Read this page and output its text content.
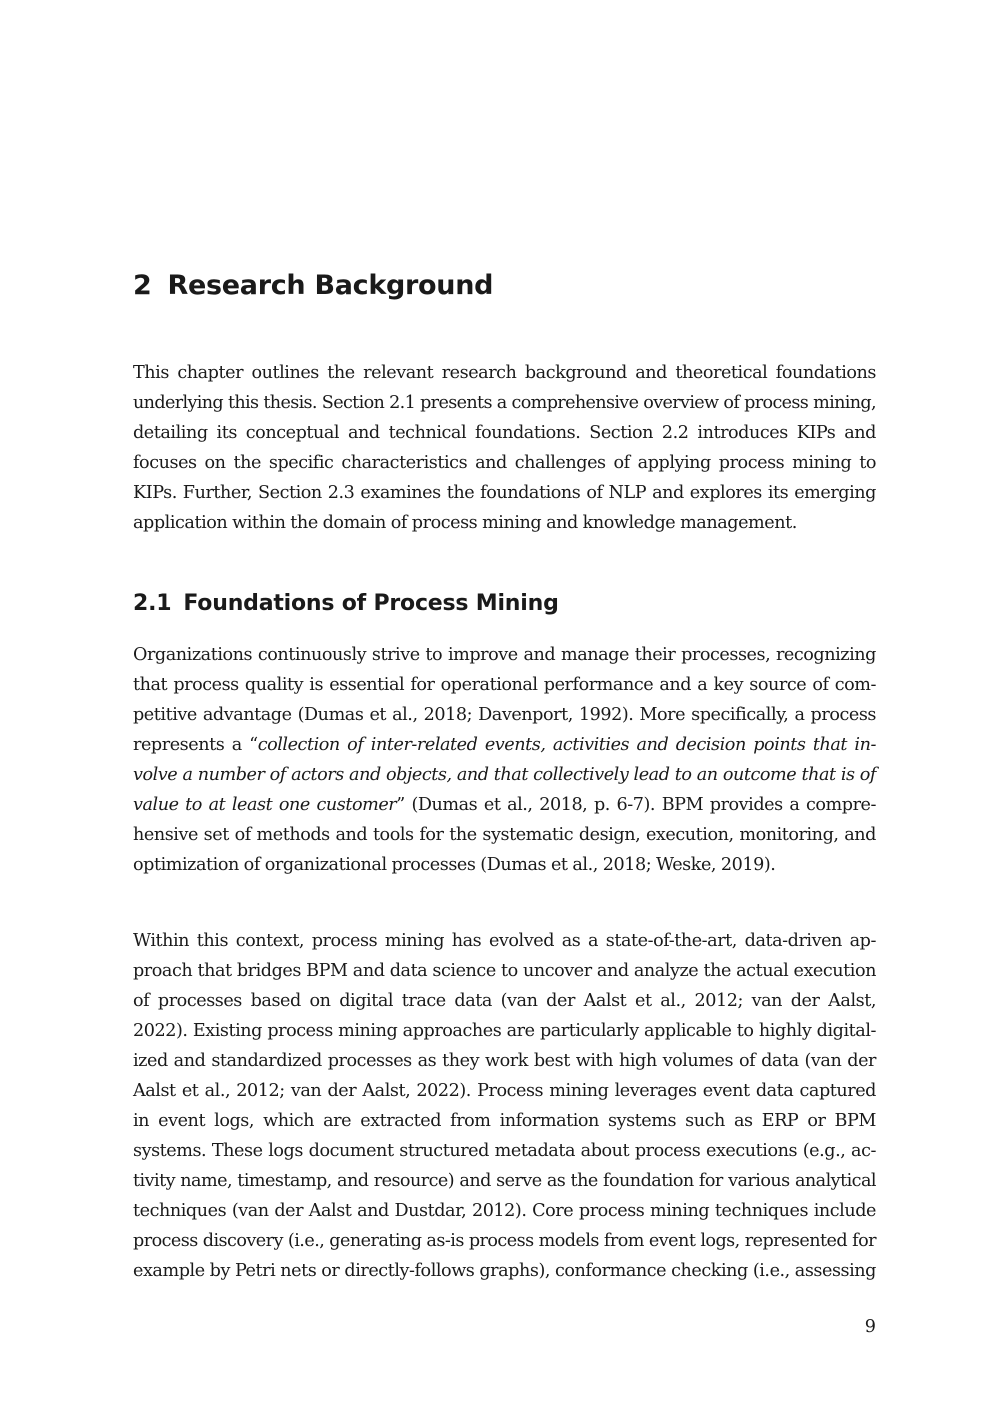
2 Research Background

This chapter outlines the relevant research background and theoretical foundations
underlying this thesis. Section 2.1 presents a comprehensive overview of process mining,
detailing its conceptual and technical foundations. Section 2.2 introduces KIPs and
focuses on the specific characteristics and challenges of applying process mining to
KIPs. Further, Section 2.3 examines the foundations of NLP and explores its emerging
application within the domain of process mining and knowledge management.

2.1 Foundations of Process Mining

Organizations continuously strive to improve and manage their processes, recognizing
that process quality is essential for operational performance and a key source of com-
petitive advantage (Dumas et al., 2018; Davenport, 1992). More specifically, a process
represents a “collection of inter-related events, activities and decision points that in-
volve a number of actors and objects, and that collectively lead to an outcome that is of
value to at least one customer” (Dumas et al., 2018, p. 6-7). BPM provides a compre-
hensive set of methods and tools for the systematic design, execution, monitoring, and
optimization of organizational processes (Dumas et al., 2018; Weske, 2019).

Within this context, process mining has evolved as a state-of-the-art, data-driven ap-
proach that bridges BPM and data science to uncover and analyze the actual execution
of processes based on digital trace data (van der Aalst et al., 2012; van der Aalst,
2022). Existing process mining approaches are particularly applicable to highly digital-
ized and standardized processes as they work best with high volumes of data (van der
Aalst et al., 2012; van der Aalst, 2022). Process mining leverages event data captured
in event logs, which are extracted from information systems such as ERP or BPM
systems. These logs document structured metadata about process executions (e.g., ac-
tivity name, timestamp, and resource) and serve as the foundation for various analytical
techniques (van der Aalst and Dustdar, 2012). Core process mining techniques include
process discovery (i.e., generating as-is process models from event logs, represented for
example by Petri nets or directly-follows graphs), conformance checking (i.e., assessing

9
